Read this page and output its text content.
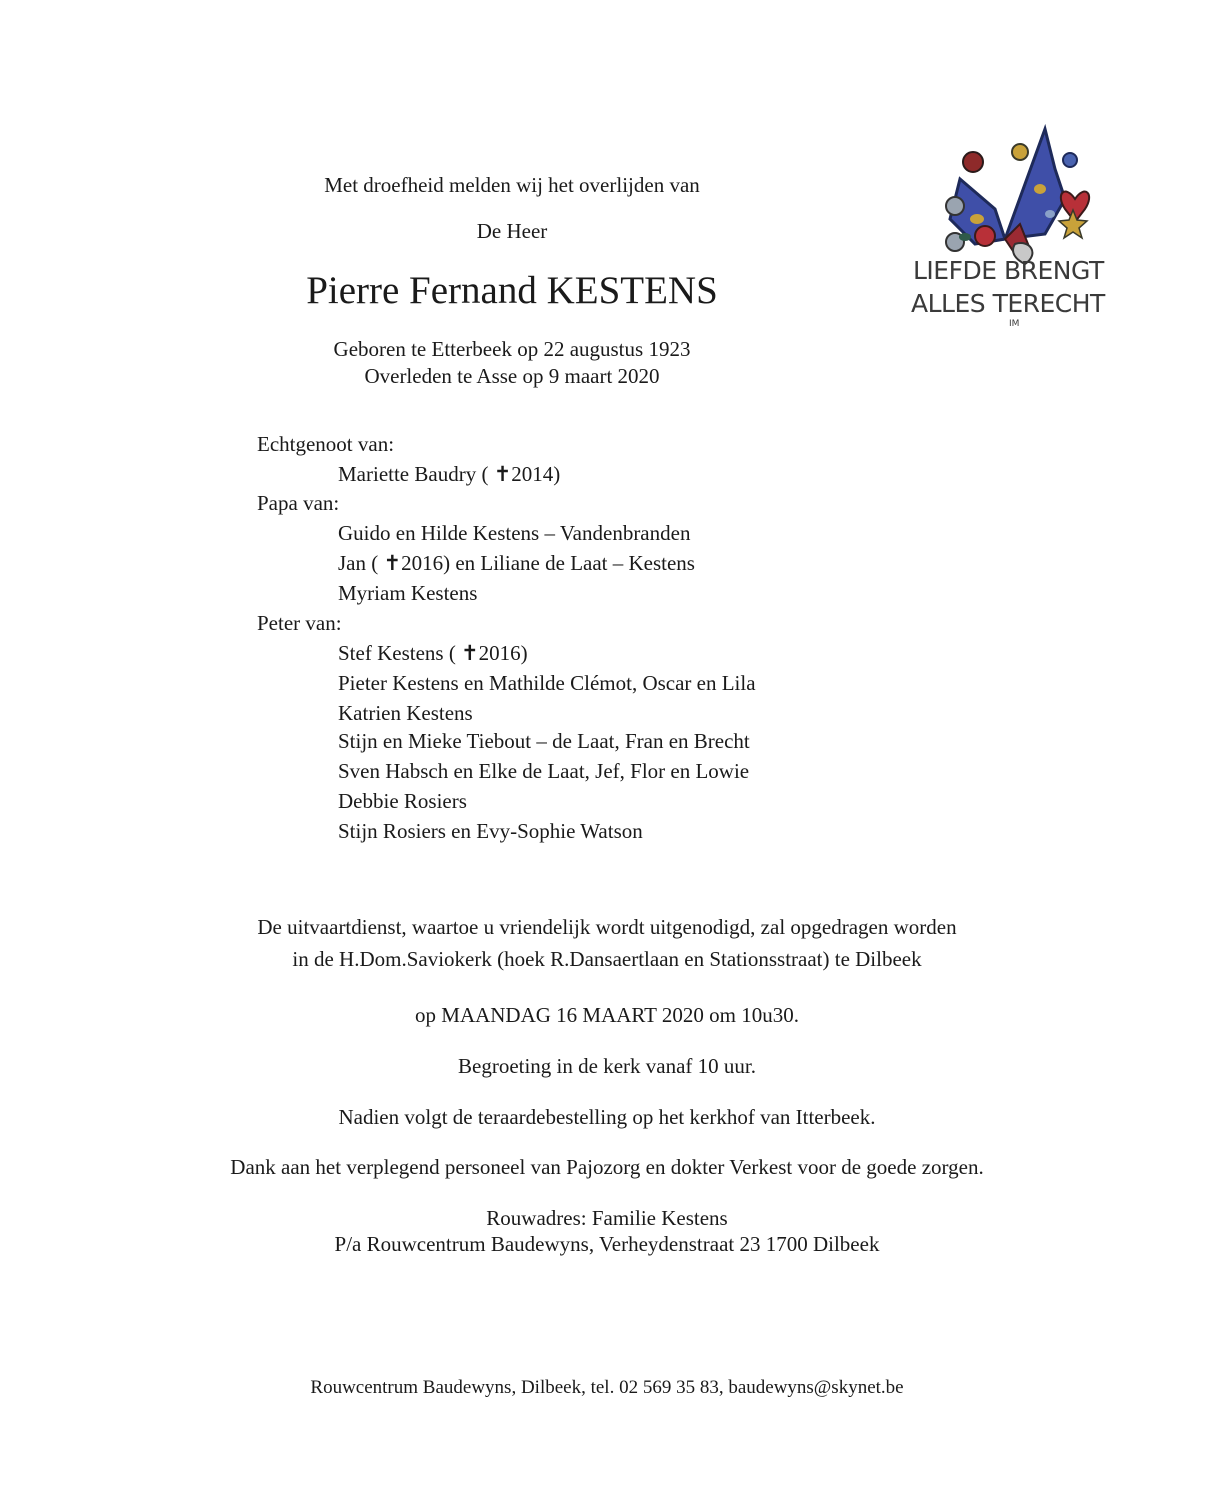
Met droefheid melden wij het overlijden van
De Heer
Pierre Fernand KESTENS
Geboren te Etterbeek op 22 augustus 1923
Overleden te Asse op 9 maart 2020
LIEFDE BRENGT
ALLES TERECHT
IM
Echtgenoot van:
Mariette Baudry ( ✝2014)
Papa van:
Guido en Hilde Kestens – Vandenbranden
Jan ( ✝2016) en Liliane de Laat – Kestens
Myriam Kestens
Peter van:
Stef Kestens ( ✝2016)
Pieter Kestens en Mathilde Clémot, Oscar en Lila
Katrien Kestens
Stijn en Mieke Tiebout – de Laat, Fran en Brecht
Sven Habsch en Elke de Laat, Jef, Flor en Lowie
Debbie Rosiers
Stijn Rosiers en Evy-Sophie Watson
De uitvaartdienst, waartoe u vriendelijk wordt uitgenodigd, zal opgedragen worden
in de H.Dom.Saviokerk (hoek R.Dansaertlaan en Stationsstraat) te Dilbeek
op MAANDAG 16 MAART 2020 om 10u30.
Begroeting in de kerk vanaf 10 uur.
Nadien volgt de teraardebestelling op het kerkhof van Itterbeek.
Dank aan het verplegend personeel van Pajozorg en dokter Verkest voor de goede zorgen.
Rouwadres: Familie Kestens
P/a Rouwcentrum Baudewyns, Verheydenstraat 23 1700 Dilbeek
Rouwcentrum Baudewyns, Dilbeek, tel. 02 569 35 83, baudewyns@skynet.be
